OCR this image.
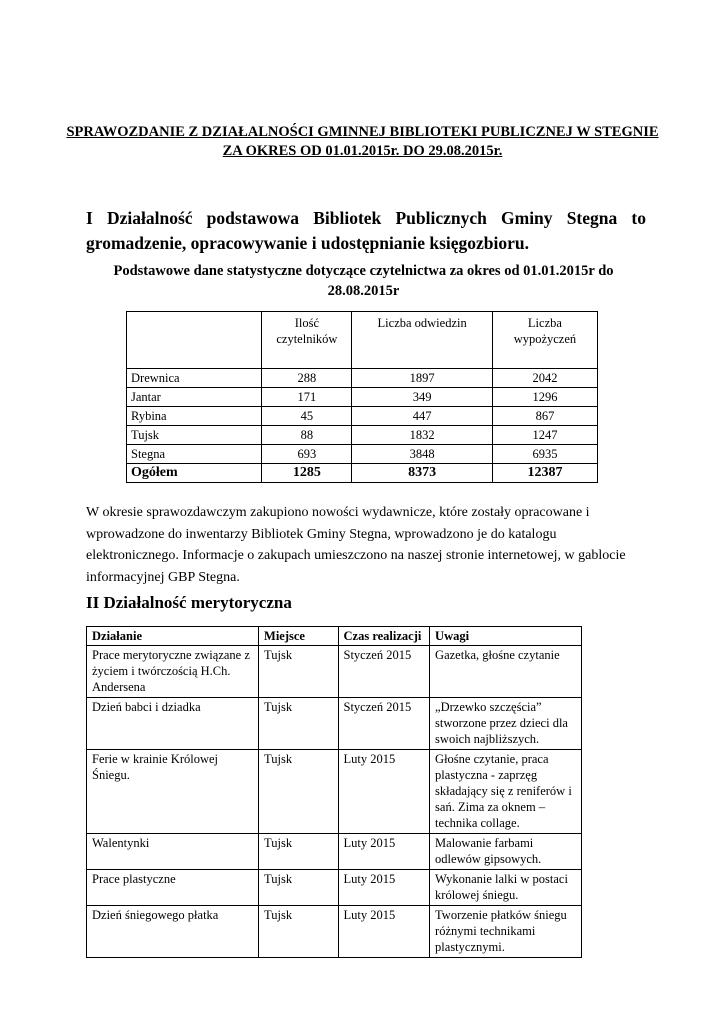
SPRAWOZDANIE Z DZIAŁALNOŚCI GMINNEJ BIBLIOTEKI PUBLICZNEJ W STEGNIE ZA OKRES OD 01.01.2015r. DO 29.08.2015r.
I Działalność podstawowa Bibliotek Publicznych Gminy Stegna to gromadzenie, opracowywanie i udostępnianie księgozbioru.
Podstawowe dane statystyczne dotyczące czytelnictwa za okres od 01.01.2015r do 28.08.2015r
	Ilość czytelników	Liczba odwiedzin	Liczba wypożyczeń
Drewnica	288	1897	2042
Jantar	171	349	1296
Rybina	45	447	867
Tujsk	88	1832	1247
Stegna	693	3848	6935
Ogółem	1285	8373	12387
W okresie sprawozdawczym zakupiono nowości wydawnicze, które zostały opracowane i wprowadzone do inwentarzy Bibliotek Gminy Stegna, wprowadzono je do katalogu elektronicznego. Informacje o zakupach umieszczono na naszej stronie internetowej, w gablocie informacyjnej GBP Stegna.
II Działalność merytoryczna
Działanie	Miejsce	Czas realizacji	Uwagi
Prace merytoryczne związane z życiem i twórczością H.Ch. Andersena	Tujsk	Styczeń 2015	Gazetka, głośne czytanie
Dzień babci i dziadka	Tujsk	Styczeń 2015	„Drzewko szczęścia” stworzone przez dzieci dla swoich najbliższych.
Ferie w krainie Królowej Śniegu.	Tujsk	Luty 2015	Głośne czytanie, praca plastyczna - zaprzęg składający się z reniferów i sań. Zima za oknem – technika collage.
Walentynki	Tujsk	Luty 2015	Malowanie farbami odlewów gipsowych.
Prace plastyczne	Tujsk	Luty 2015	Wykonanie lalki w postaci królowej śniegu.
Dzień śniegowego płatka	Tujsk	Luty 2015	Tworzenie płatków śniegu różnymi technikami plastycznymi.
